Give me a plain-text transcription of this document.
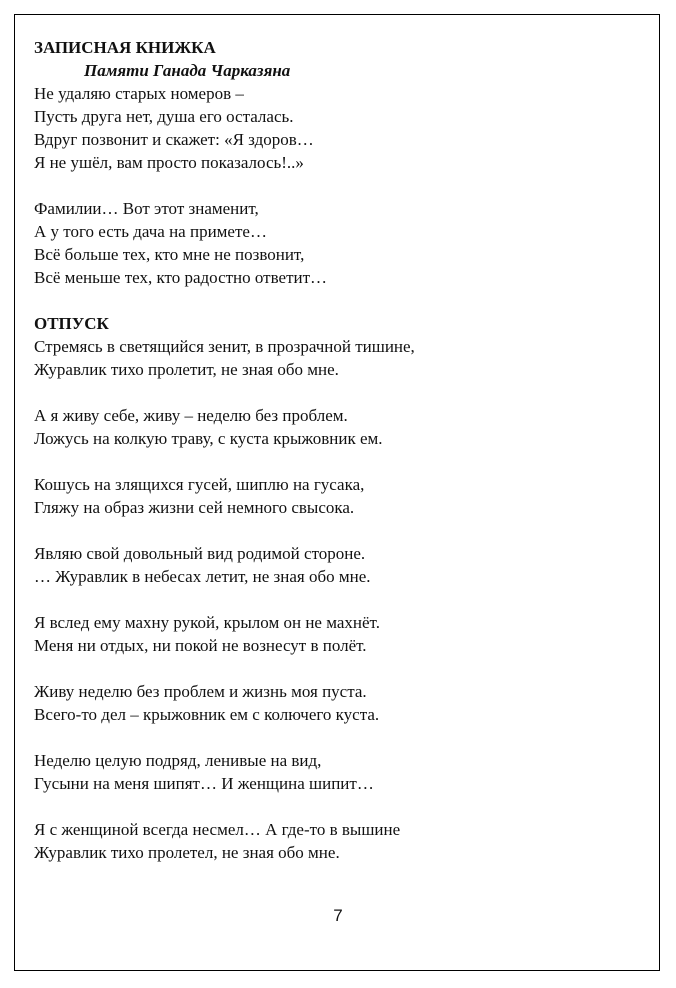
ЗАПИСНАЯ КНИЖКА
Памяти Ганада Чарказяна
Не удаляю старых номеров –
Пусть друга нет, душа его осталась.
Вдруг позвонит и скажет: «Я здоров…
Я не ушёл, вам просто показалось!..»
Фамилии… Вот этот знаменит,
А у того есть дача на примете…
Всё больше тех, кто мне не позвонит,
Всё меньше тех, кто радостно ответит…
ОТПУСК
Стремясь в светящийся зенит, в прозрачной тишине,
Журавлик тихо пролетит, не зная обо мне.
А я живу себе, живу – неделю без проблем.
Ложусь на колкую траву, с куста крыжовник ем.
Кошусь на злящихся гусей, шиплю на гусака,
Гляжу на образ жизни сей немного свысока.
Являю свой довольный вид родимой стороне.
… Журавлик в небесах летит, не зная обо мне.
Я вслед ему махну рукой, крылом он не махнёт.
Меня ни отдых, ни покой не вознесут в полёт.
Живу неделю без проблем и жизнь моя пуста.
Всего-то дел – крыжовник ем с колючего куста.
Неделю целую подряд, ленивые на вид,
Гусыни на меня шипят… И женщина шипит…
Я с женщиной всегда несмел… А где-то в вышине
Журавлик тихо пролетел, не зная обо мне.
7
